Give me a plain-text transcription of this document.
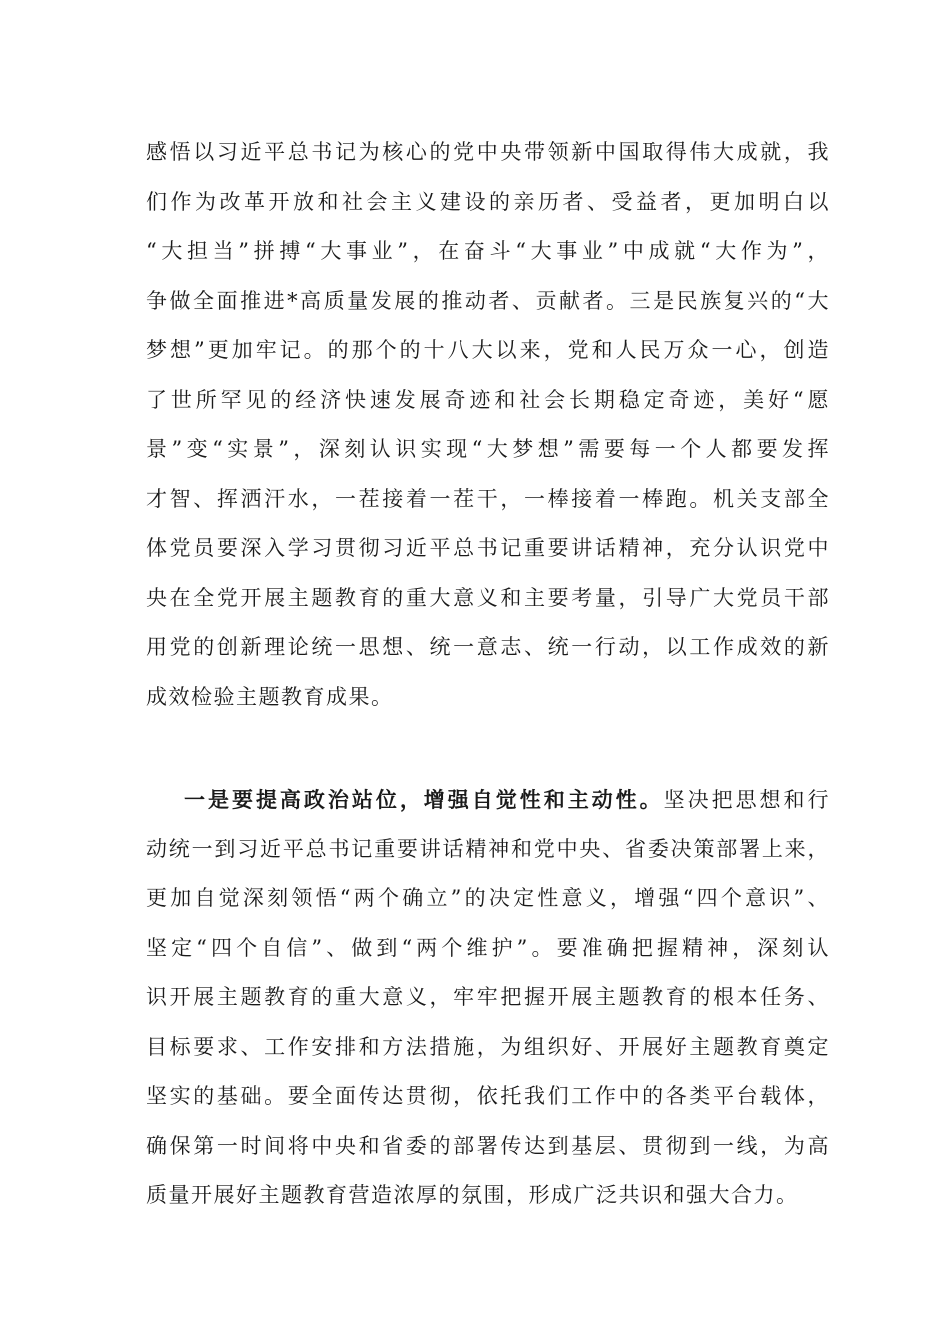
感悟以习近平总书记为核心的党中央带领新中国取得伟大成就，我
们作为改革开放和社会主义建设的亲历者、受益者，更加明白以
“大担当”拼搏“大事业”，在奋斗“大事业”中成就“大作为”，
争做全面推进*高质量发展的推动者、贡献者。三是民族复兴的“大
梦想”更加牢记。的那个的十八大以来，党和人民万众一心，创造
了世所罕见的经济快速发展奇迹和社会长期稳定奇迹，美好“愿
景”变“实景”，深刻认识实现“大梦想”需要每一个人都要发挥
才智、挥洒汗水，一茬接着一茬干，一棒接着一棒跑。机关支部全
体党员要深入学习贯彻习近平总书记重要讲话精神，充分认识党中
央在全党开展主题教育的重大意义和主要考量，引导广大党员干部
用党的创新理论统一思想、统一意志、统一行动，以工作成效的新
成效检验主题教育成果。
一是要提高政治站位，增强自觉性和主动性。坚决把思想和行
动统一到习近平总书记重要讲话精神和党中央、省委决策部署上来，
更加自觉深刻领悟“两个确立”的决定性意义，增强“四个意识”、
坚定“四个自信”、做到“两个维护”。要准确把握精神，深刻认
识开展主题教育的重大意义，牢牢把握开展主题教育的根本任务、
目标要求、工作安排和方法措施，为组织好、开展好主题教育奠定
坚实的基础。要全面传达贯彻，依托我们工作中的各类平台载体，
确保第一时间将中央和省委的部署传达到基层、贯彻到一线，为高
质量开展好主题教育营造浓厚的氛围，形成广泛共识和强大合力。
